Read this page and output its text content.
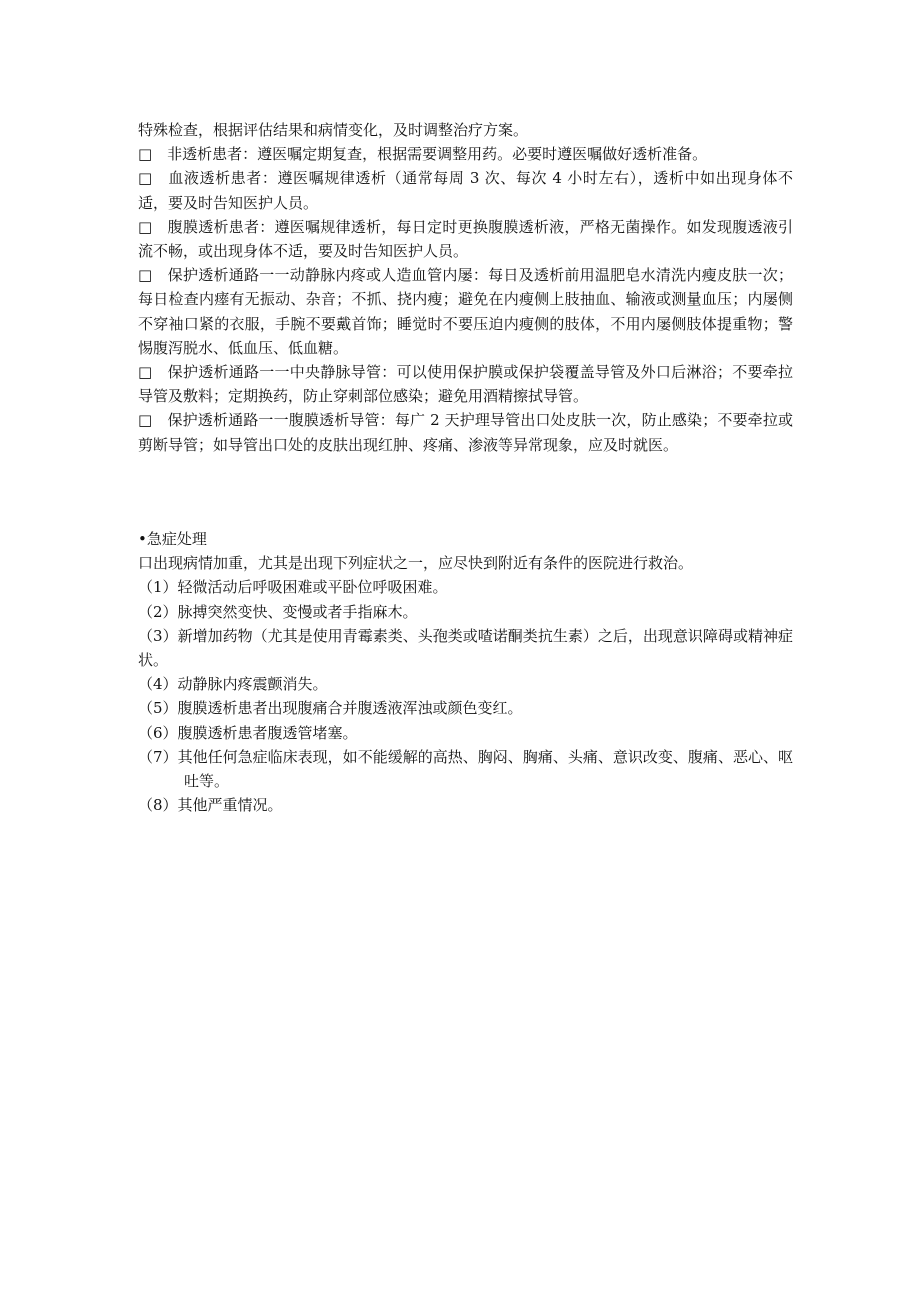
特殊检查，根据评估结果和病情变化，及时调整治疗方案。

□　非透析患者：遵医嘱定期复查，根据需要调整用药。必要时遵医嘱做好透析准备。

□　血液透析患者：遵医嘱规律透析（通常每周 3 次、每次 4 小时左右），透析中如出现身体不适，要及时告知医护人员。

□　腹膜透析患者：遵医嘱规律透析，每日定时更换腹膜透析液，严格无菌操作。如发现腹透液引流不畅，或出现身体不适，要及时告知医护人员。

□　保护透析通路一一动静脉内疼或人造血管内屡：每日及透析前用温肥皂水清洗内瘦皮肤一次；每日检查内瘗有无振动、杂音；不抓、挠内瘦；避免在内瘦侧上肢抽血、输液或测量血压；内屡侧不穿袖口紧的衣服，手腕不要戴首饰；睡觉时不要压迫内瘦侧的肢体，不用内屡侧肢体提重物；警惕腹泻脱水、低血压、低血糖。

□　保护透析通路一一中央静脉导管：可以使用保护膜或保护袋覆盖导管及外口后淋浴；不要牵拉导管及敷料；定期换药，防止穿刺部位感染；避免用酒精擦拭导管。

□　保护透析通路一一腹膜透析导管：每广 2 天护理导管出口处皮肤一次，防止感染；不要牵拉或剪断导管；如导管出口处的皮肤出现红肿、疼痛、渗液等异常现象，应及时就医。

•急症处理

口出现病情加重，尤其是出现下列症状之一，应尽快到附近有条件的医院进行救治。

（1）轻微活动后呼吸困难或平卧位呼吸困难。

（2）脉搏突然变快、变慢或者手指麻木。

（3）新增加药物（尤其是使用青霉素类、头孢类或喳诺酮类抗生素）之后，出现意识障碍或精神症状。

（4）动静脉内疼震颤消失。

（5）腹膜透析患者出现腹痛合并腹透液浑浊或颜色变红。

（6）腹膜透析患者腹透管堵塞。

（7）其他任何急症临床表现，如不能缓解的高热、胸闷、胸痛、头痛、意识改变、腹痛、恶心、呕吐等。

（8）其他严重情况。
